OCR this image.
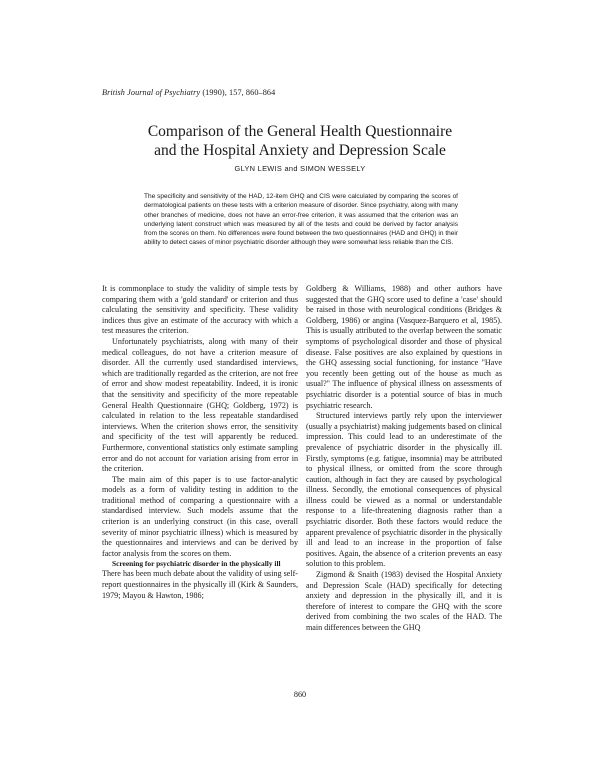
British Journal of Psychiatry (1990), 157, 860–864
Comparison of the General Health Questionnaire
and the Hospital Anxiety and Depression Scale
GLYN LEWIS and SIMON WESSELY
The specificity and sensitivity of the HAD, 12-item GHQ and CIS were calculated by comparing the scores of dermatological patients on these tests with a criterion measure of disorder. Since psychiatry, along with many other branches of medicine, does not have an error-free criterion, it was assumed that the criterion was an underlying latent construct which was measured by all of the tests and could be derived by factor analysis from the scores on them. No differences were found between the two questionnaires (HAD and GHQ) in their ability to detect cases of minor psychiatric disorder although they were somewhat less reliable than the CIS.

It is commonplace to study the validity of simple tests by comparing them with a 'gold standard' or criterion and thus calculating the sensitivity and specificity. These validity indices thus give an estimate of the accuracy with which a test measures the criterion.

Unfortunately psychiatrists, along with many of their medical colleagues, do not have a criterion measure of disorder. All the currently used standardised interviews, which are traditionally regarded as the criterion, are not free of error and show modest repeatability. Indeed, it is ironic that the sensitivity and specificity of the more repeatable General Health Questionnaire (GHQ; Goldberg, 1972) is calculated in relation to the less repeatable standardised interviews. When the criterion shows error, the sensitivity and specificity of the test will apparently be reduced. Furthermore, conventional statistics only estimate sampling error and do not account for variation arising from error in the criterion.

The main aim of this paper is to use factor-analytic models as a form of validity testing in addition to the traditional method of comparing a questionnaire with a standardised interview. Such models assume that the criterion is an underlying construct (in this case, overall severity of minor psychiatric illness) which is measured by the questionnaires and interviews and can be derived by factor analysis from the scores on them.

Screening for psychiatric disorder in the physically ill

There has been much debate about the validity of using self-report questionnaires in the physically ill (Kirk & Saunders, 1979; Mayou & Hawton, 1986;

Goldberg & Williams, 1988) and other authors have suggested that the GHQ score used to define a 'case' should be raised in those with neurological conditions (Bridges & Goldberg, 1986) or angina (Vasquez-Barquero et al, 1985). This is usually attributed to the overlap between the somatic symptoms of psychological disorder and those of physical disease. False positives are also explained by questions in the GHQ assessing social functioning, for instance "Have you recently been getting out of the house as much as usual?" The influence of physical illness on assessments of psychiatric disorder is a potential source of bias in much psychiatric research.

Structured interviews partly rely upon the interviewer (usually a psychiatrist) making judgements based on clinical impression. This could lead to an underestimate of the prevalence of psychiatric disorder in the physically ill. Firstly, symptoms (e.g. fatigue, insomnia) may be attributed to physical illness, or omitted from the score through caution, although in fact they are caused by psychological illness. Secondly, the emotional consequences of physical illness could be viewed as a normal or understandable response to a life-threatening diagnosis rather than a psychiatric disorder. Both these factors would reduce the apparent prevalence of psychiatric disorder in the physically ill and lead to an increase in the proportion of false positives. Again, the absence of a criterion prevents an easy solution to this problem.

Zigmond & Snaith (1983) devised the Hospital Anxiety and Depression Scale (HAD) specifically for detecting anxiety and depression in the physically ill, and it is therefore of interest to compare the GHQ with the score derived from combining the two scales of the HAD. The main differences between the GHQ

860
